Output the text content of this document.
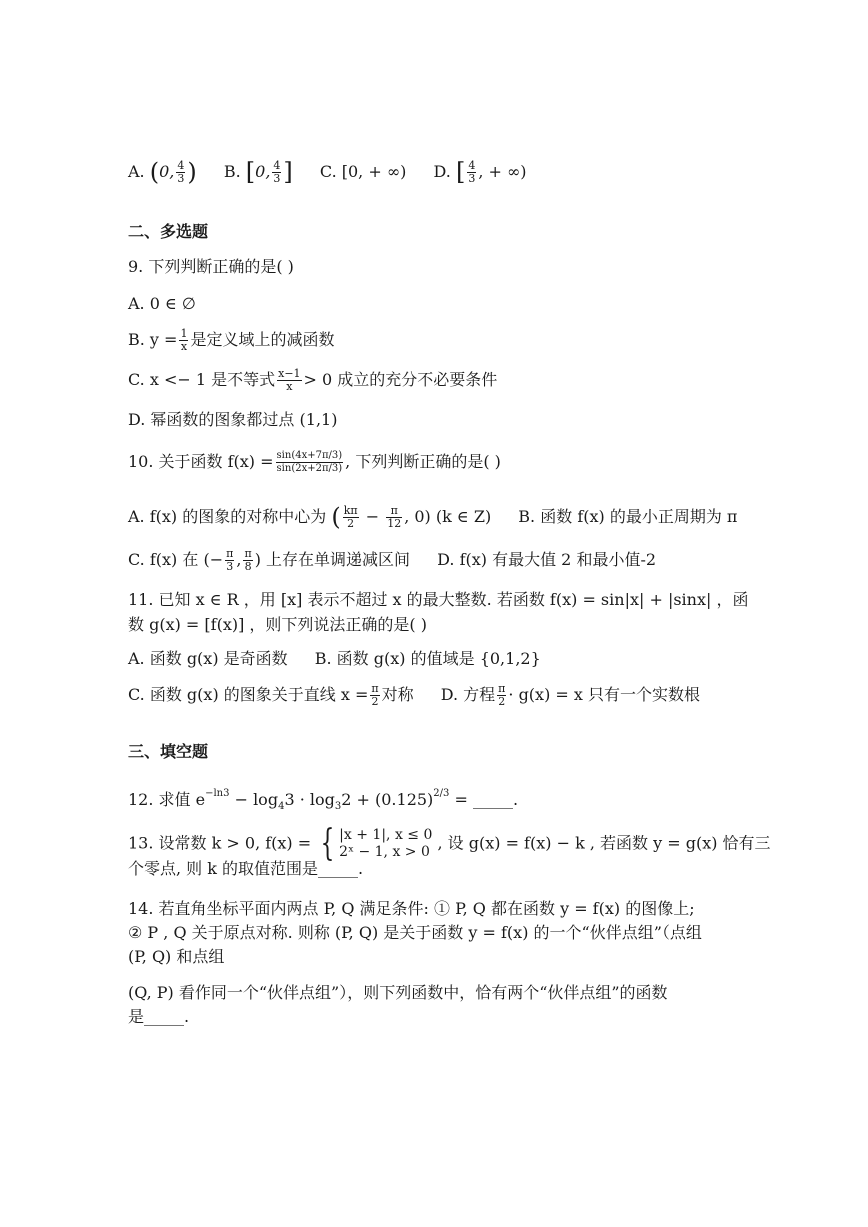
A. (0, $\frac{4}{3}$ ) B. [0, $\frac{4}{3}$ ] C. [0, + ∞) D. [ $\frac{4}{3}$ , + ∞)
二、多选题
9. 下列判断正确的是( )
A. 0 ∈ ∅
B. $y = \frac{1}{x}$ 是定义域上的减函数
C. x <− 1 是不等式 $\frac{x-1}{x} > 0$ 成立的充分不必要条件
D. 幂函数的图象都过点 (1,1)
10. 关于函数 $f(x) = \frac{\sin(4x+7\pi/3)}{\sin(2x+2\pi/3)}$ , 下列判断正确的是( )
A. f(x) 的图象的对称中心为 ( $\frac{k\pi}{2} - \frac{\pi}{12}$ , 0) (k ∈ Z) B. 函数 f(x) 的最小正周期为 π
C. f(x) 在 (− $\frac{\pi}{3}$ , $\frac{\pi}{8}$ ) 上存在单调递减区间 D. f(x) 有最大值 2 和最小值-2
11. 已知 x ∈ R ，用 [x] 表示不超过 x 的最大整数. 若函数 f(x) = sin|x| + |sinx| ，函
数 g(x) = [f(x)] ，则下列说法正确的是( )
A. 函数 g(x) 是奇函数 B. 函数 g(x) 的值域是 {0,1,2}
C. 函数 g(x) 的图象关于直线 $x = \frac{\pi}{2}$ 对称 D. 方程 $\frac{\pi}{2} \cdot g(x) = x$ 只有一个实数根
三、填空题
12. 求值 $e^{-ln3} - \log_43 \cdot \log_32 + (0.125)^{2/3}$ = _____.
13. 设常数 k > 0, f(x) = { |x + 1|, x ≤ 0
2ˣ − 1, x > 0 , 设 g(x) = f(x) − k , 若函数 y = g(x) 恰有三
个零点, 则 k 的取值范围是_____.
14. 若直角坐标平面内两点 P, Q 满足条件: ① P, Q 都在函数 y = f(x) 的图像上;
② P , Q 关于原点对称. 则称 (P, Q) 是关于函数 y = f(x) 的一个“伙伴点组”（点组
(P, Q) 和点组
(Q, P) 看作同一个“伙伴点组”），则下列函数中，恰有两个“伙伴点组”的函数
是_____.
